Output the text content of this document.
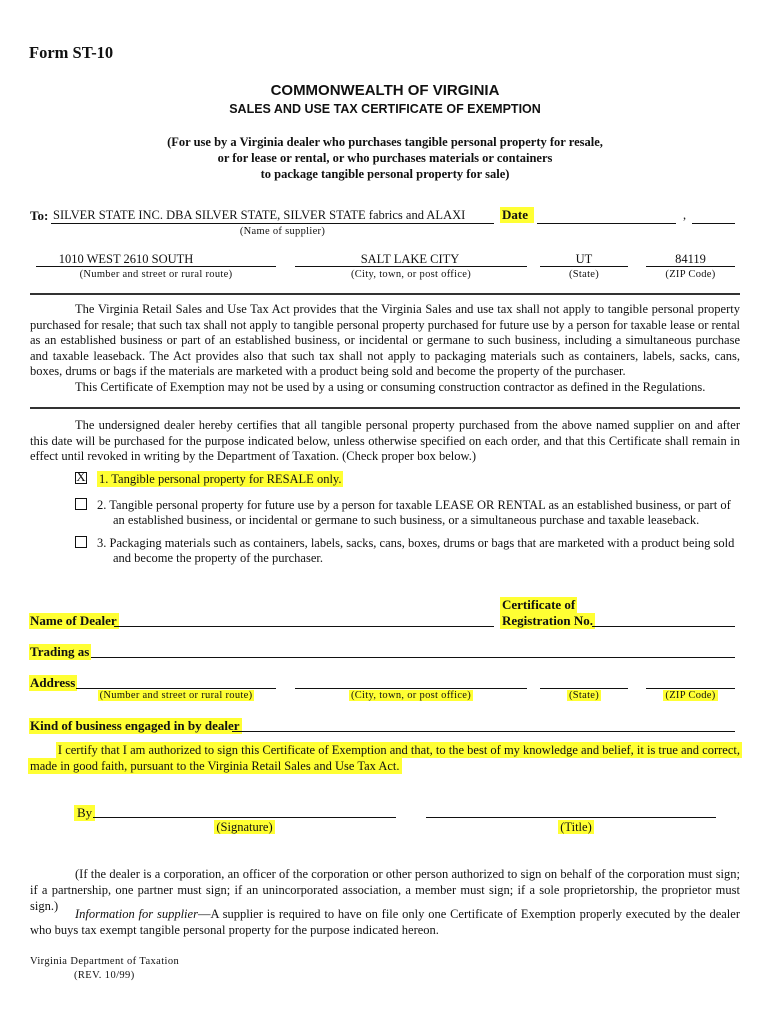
Form ST-10
COMMONWEALTH OF VIRGINIA
SALES AND USE TAX CERTIFICATE OF EXEMPTION
(For use by a Virginia dealer who purchases tangible personal property for resale,
or for lease or rental, or who purchases materials or containers
to package tangible personal property for sale)
To: SILVER STATE INC. DBA SILVER STATE, SILVER STATE fabrics and ALAXI
(Name of supplier)
Date	,
1010 WEST 2610 SOUTH
(Number and street or rural route)
SALT LAKE CITY
(City, town, or post office)
UT
(State)
84119
(ZIP Code)
The Virginia Retail Sales and Use Tax Act provides that the Virginia Sales and use tax shall not apply to tangible personal property purchased for resale; that such tax shall not apply to tangible personal property purchased for future use by a person for taxable lease or rental as an established business or part of an established business, or incidental or germane to such business, including a simultaneous purchase and taxable leaseback. The Act provides also that such tax shall not apply to packaging materials such as containers, labels, sacks, cans, boxes, drums or bags if the materials are marketed with a product being sold and become the property of the purchaser.
This Certificate of Exemption may not be used by a using or consuming construction contractor as defined in the Regulations.
The undersigned dealer hereby certifies that all tangible personal property purchased from the above named supplier on and after this date will be purchased for the purpose indicated below, unless otherwise specified on each order, and that this Certificate shall remain in effect until revoked in writing by the Department of Taxation. (Check proper box below.)
X 1. Tangible personal property for RESALE only.
2. Tangible personal property for future use by a person for taxable LEASE OR RENTAL as an established business, or part of
an established business, or incidental or germane to such business, or a simultaneous purchase and taxable leaseback.
3. Packaging materials such as containers, labels, sacks, cans, boxes, drums or bags that are marketed with a product being sold
and become the property of the purchaser.
Name of Dealer
Certificate of
Registration No.
Trading as
Address
(Number and street or rural route)	(City, town, or post office)	(State)	(ZIP Code)
Kind of business engaged in by dealer
I certify that I am authorized to sign this Certificate of Exemption and that, to the best of my knowledge and belief, it is true and correct,
made in good faith, pursuant to the Virginia Retail Sales and Use Tax Act.
By
(Signature)	(Title)
(If the dealer is a corporation, an officer of the corporation or other person authorized to sign on behalf of the corporation must sign; if a partnership, one partner must sign; if an unincorporated association, a member must sign; if a sole proprietorship, the proprietor must sign.)
Information for supplier—A supplier is required to have on file only one Certificate of Exemption properly executed by the dealer who buys tax exempt tangible personal property for the purpose indicated hereon.
Virginia Department of Taxation
(REV. 10/99)
